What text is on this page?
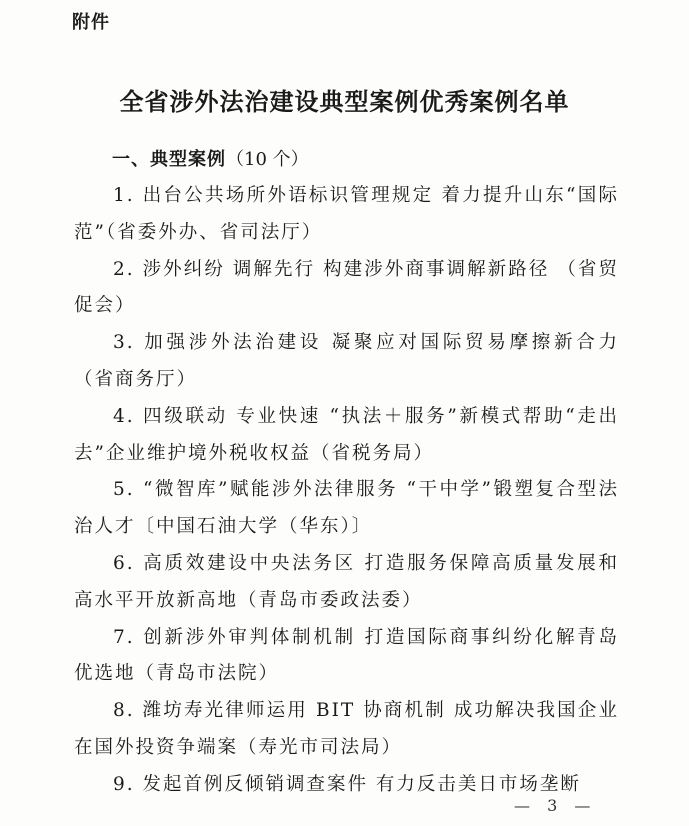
附件
全省涉外法治建设典型案例优秀案例名单
一、典型案例（10 个）
1. 出台公共场所外语标识管理规定 着力提升山东“国际范”（省委外办、省司法厅）
2. 涉外纠纷 调解先行 构建涉外商事调解新路径 （省贸促会）
3. 加强涉外法治建设 凝聚应对国际贸易摩擦新合力（省商务厅）
4. 四级联动 专业快速 “执法＋服务”新模式帮助“走出去”企业维护境外税收权益（省税务局）
5. “微智库”赋能涉外法律服务 “干中学”锻塑复合型法治人才〔中国石油大学（华东）〕
6. 高质效建设中央法务区 打造服务保障高质量发展和高水平开放新高地（青岛市委政法委）
7. 创新涉外审判体制机制 打造国际商事纠纷化解青岛优选地（青岛市法院）
8. 潍坊寿光律师运用 BIT 协商机制 成功解决我国企业在国外投资争端案（寿光市司法局）
9. 发起首例反倾销调查案件 有力反击美日市场垄断
— 3 —
